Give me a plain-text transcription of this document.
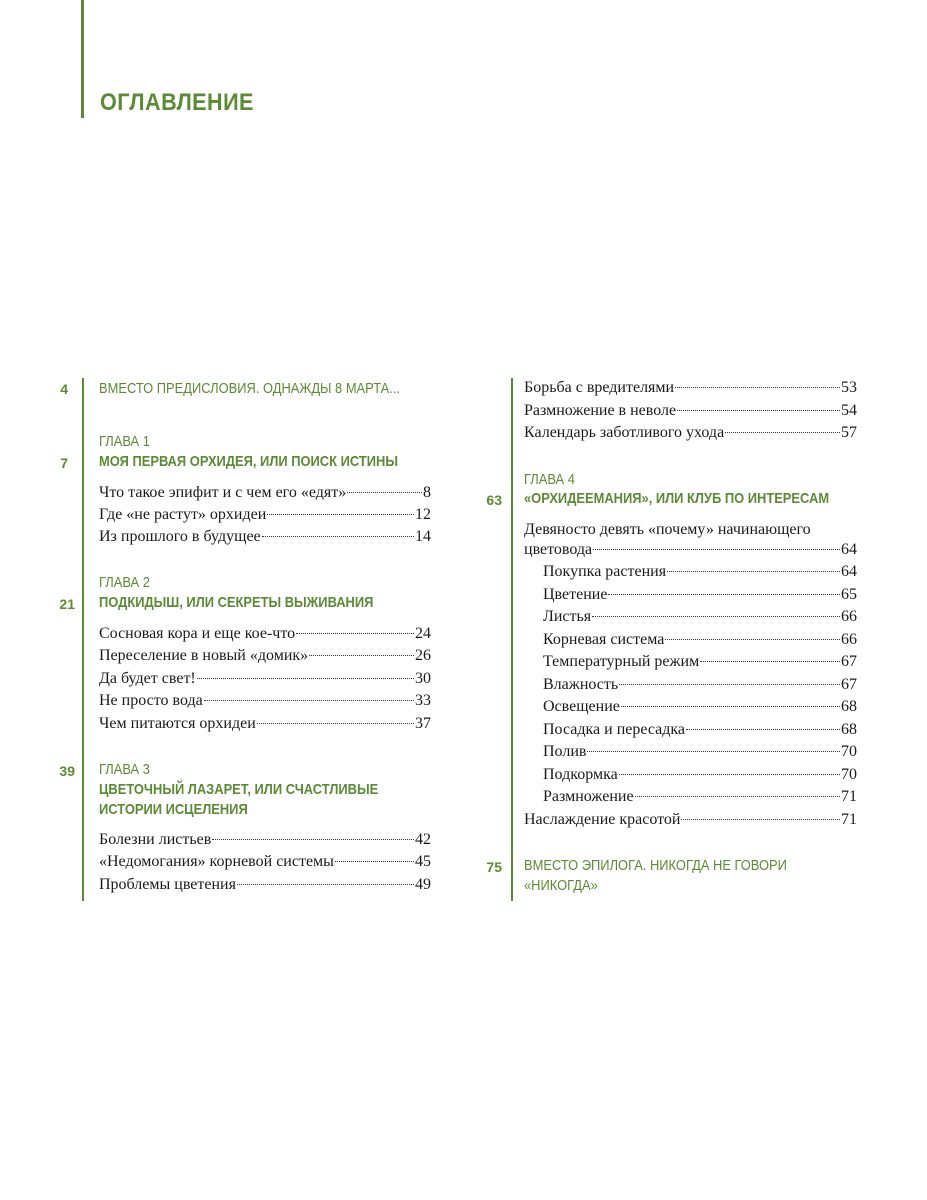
ОГЛАВЛЕНИЕ
4 ВМЕСТО ПРЕДИСЛОВИЯ. ОДНАЖДЫ 8 МАРТА...
ГЛАВА 1
7 МОЯ ПЕРВАЯ ОРХИДЕЯ, ИЛИ ПОИСК ИСТИНЫ
Что такое эпифит и с чем его «едят»	8
Где «не растут» орхидеи	12
Из прошлого в будущее	14
ГЛАВА 2
21 ПОДКИДЫШ, ИЛИ СЕКРЕТЫ ВЫЖИВАНИЯ
Сосновая кора и еще кое-что	24
Переселение в новый «домик»	26
Да будет свет!	30
Не просто вода	33
Чем питаются орхидеи	37
39 ГЛАВА 3
ЦВЕТОЧНЫЙ ЛАЗАРЕТ, ИЛИ СЧАСТЛИВЫЕ
ИСТОРИИ ИСЦЕЛЕНИЯ
Болезни листьев	42
«Недомогания» корневой системы	45
Проблемы цветения	49
Борьба с вредителями	53
Размножение в неволе	54
Календарь заботливого ухода	57
ГЛАВА 4
63 «ОРХИДЕЕМАНИЯ», ИЛИ КЛУБ ПО ИНТЕРЕСАМ
Девяносто девять «почему» начинающего
цветовода	64
Покупка растения	64
Цветение	65
Листья	66
Корневая система	66
Температурный режим	67
Влажность	67
Освещение	68
Посадка и пересадка	68
Полив	70
Подкормка	70
Размножение	71
Наслаждение красотой	71
75 ВМЕСТО ЭПИЛОГА. НИКОГДА НЕ ГОВОРИ
«НИКОГДА»
